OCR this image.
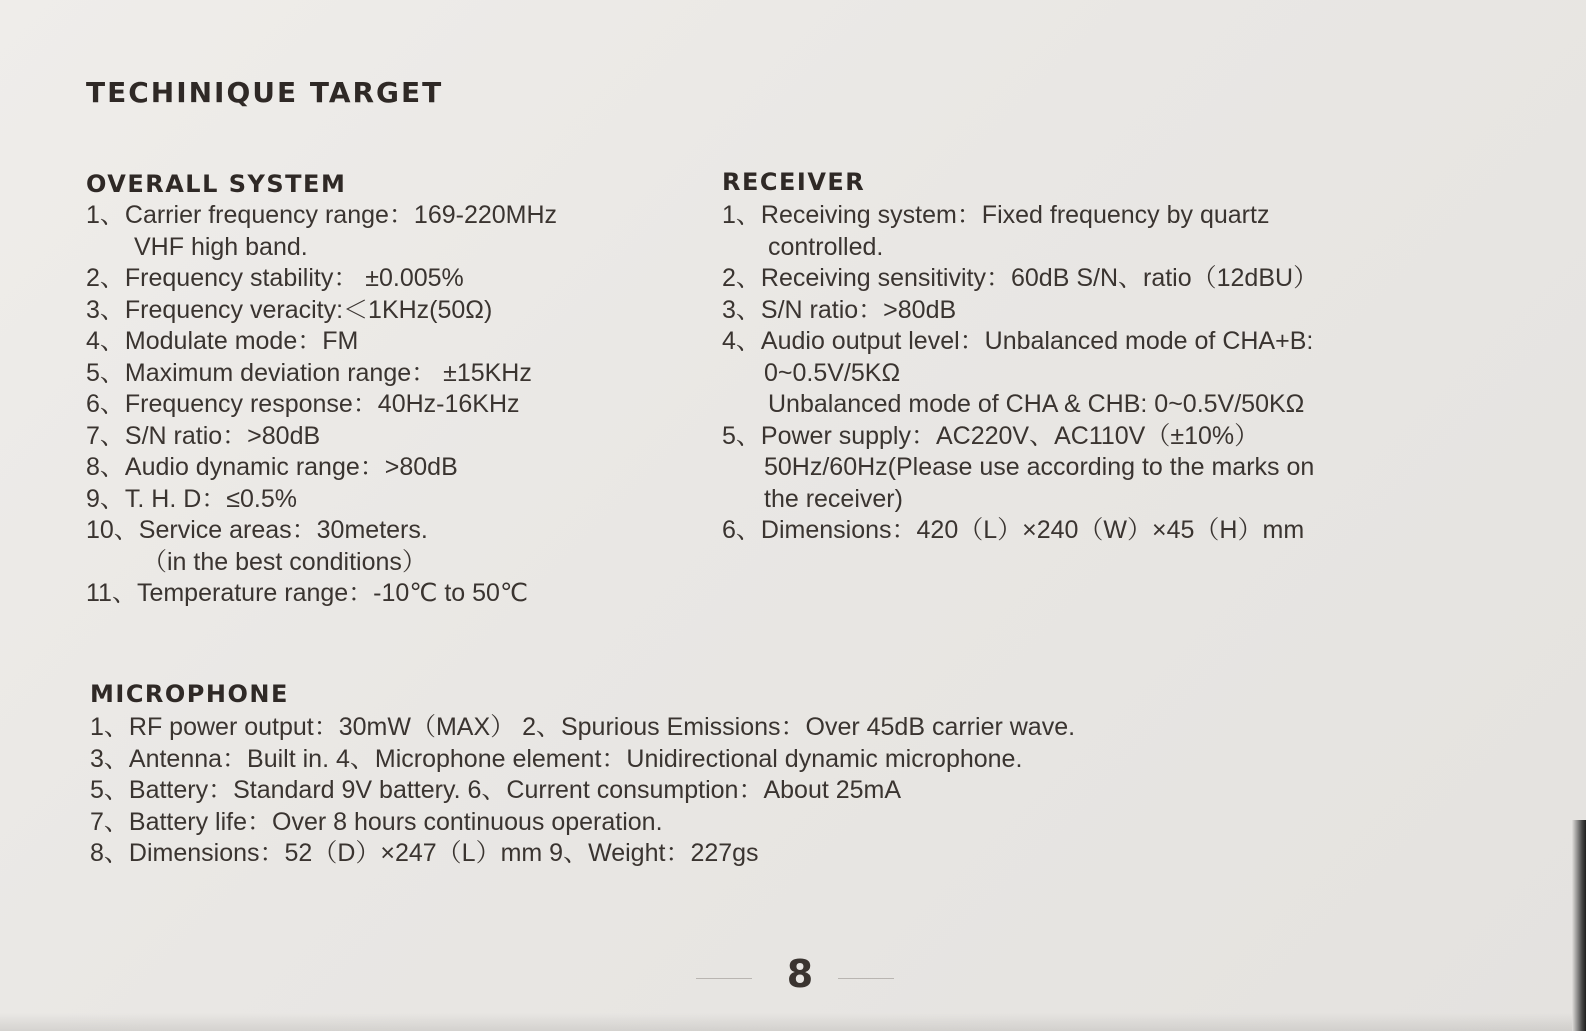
TECHINIQUE TARGET
OVERALL SYSTEM
1、Carrier frequency range：169-220MHz
VHF high band.
2、Frequency stability： ±0.005%
3、Frequency veracity:＜1KHz(50Ω)
4、Modulate mode：FM
5、Maximum deviation range： ±15KHz
6、Frequency response：40Hz-16KHz
7、S/N ratio：>80dB
8、Audio dynamic range：>80dB
9、T. H. D：≤0.5%
10、Service areas：30meters.
（in the best conditions）
11、Temperature range：-10℃ to 50℃
RECEIVER
1、Receiving system：Fixed frequency by quartz
controlled.
2、Receiving sensitivity：60dB S/N、ratio（12dBU）
3、S/N ratio：>80dB
4、Audio output level：Unbalanced mode of CHA+B:
0~0.5V/5KΩ
Unbalanced mode of CHA & CHB: 0~0.5V/50KΩ
5、Power supply：AC220V、AC110V（±10%）
50Hz/60Hz(Please use according to the marks on
the receiver)
6、Dimensions：420（L）×240（W）×45（H）mm
MICROPHONE
1、RF power output：30mW（MAX） 2、Spurious Emissions：Over 45dB carrier wave.
3、Antenna：Built in. 4、Microphone element：Unidirectional dynamic microphone.
5、Battery：Standard 9V battery. 6、Current consumption：About 25mA
7、Battery life：Over 8 hours continuous operation.
8、Dimensions：52（D）×247（L）mm 9、Weight：227gs
8
